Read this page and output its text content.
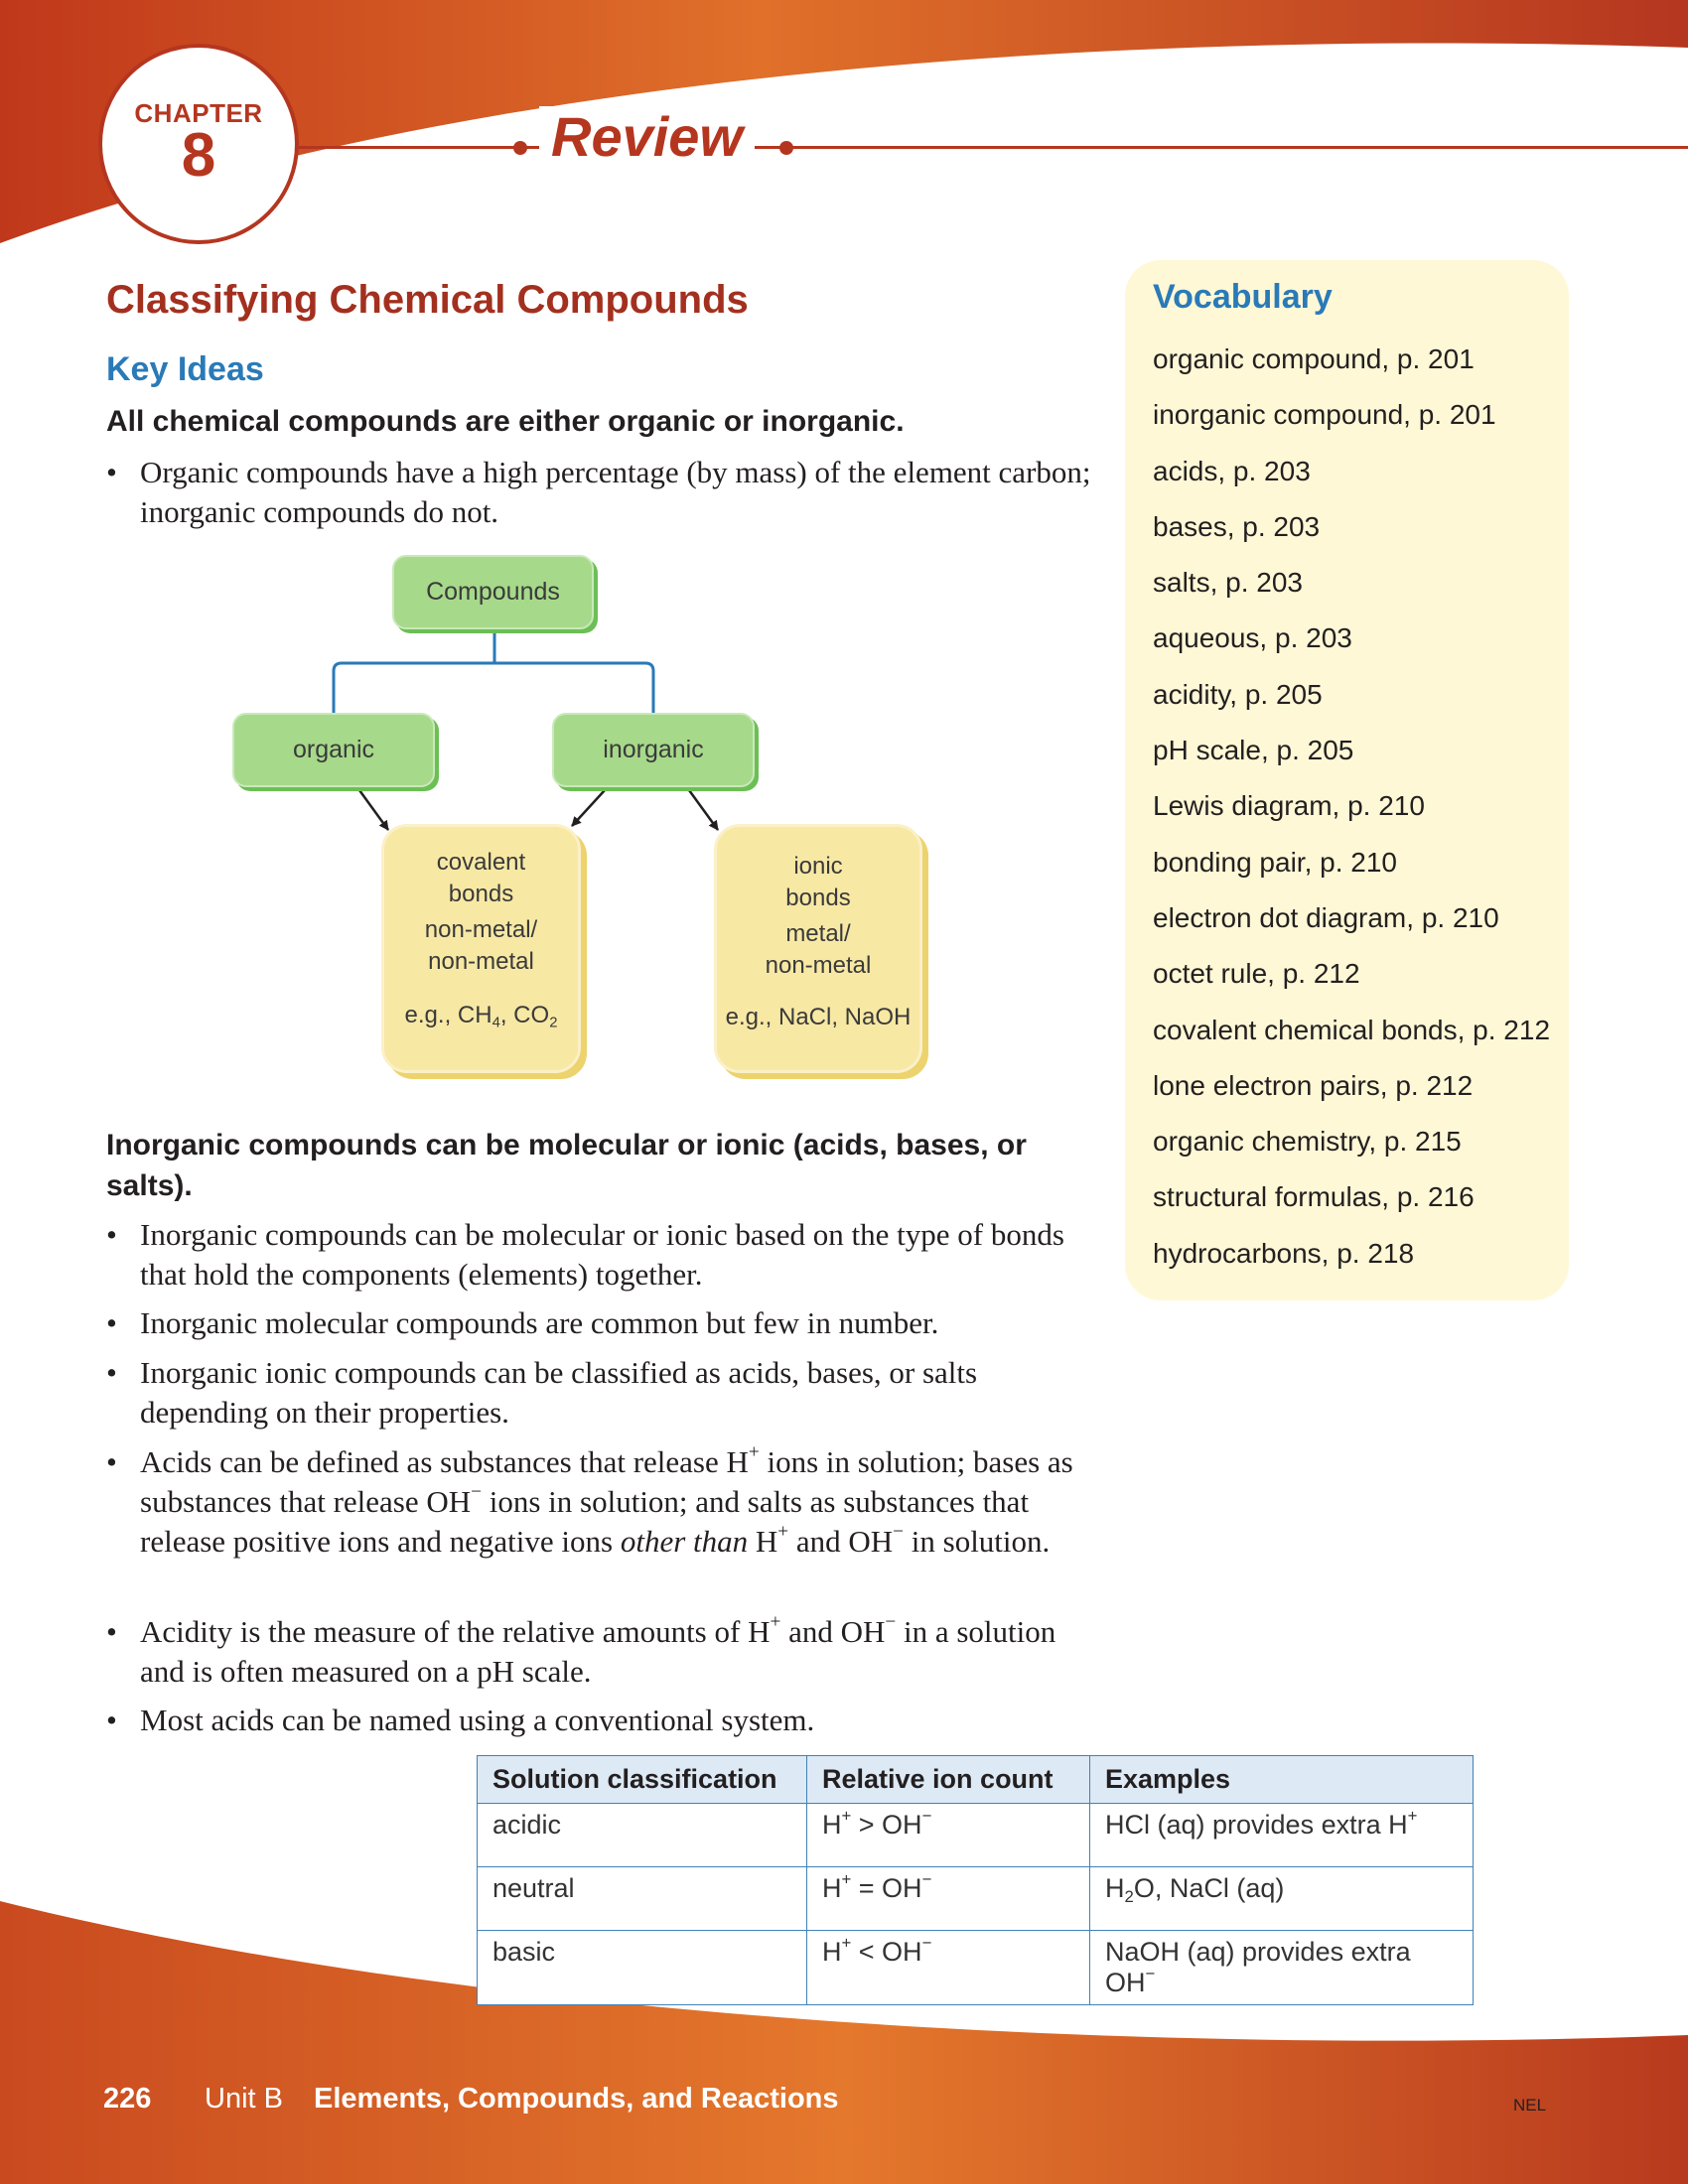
CHAPTER
8	Review
Classifying Chemical Compounds
Key Ideas
All chemical compounds are either organic or inorganic.
• Organic compounds have a high percentage (by mass) of the element carbon; inorganic compounds do not.
Compounds
organic	inorganic
covalent
bonds
non-metal/
non-metal
e.g., $CH_4$, $CO_2$
ionic
bonds
metal/
non-metal
e.g., NaCl, NaOH
Inorganic compounds can be molecular or ionic (acids, bases, or salts).
• Inorganic compounds can be molecular or ionic based on the type of bonds that hold the components (elements) together.
• Inorganic molecular compounds are common but few in number.
• Inorganic ionic compounds can be classified as acids, bases, or salts depending on their properties.
• Acids can be defined as substances that release H+ ions in solution; bases as substances that release OH− ions in solution; and salts as substances that release positive ions and negative ions other than H+ and OH− in solution.
• Acidity is the measure of the relative amounts of H+ and OH− in a solution and is often measured on a pH scale.
• Most acids can be named using a conventional system.
Solution classification	Relative ion count	Examples
acidic	H+ > OH−	HCl (aq) provides extra H+
neutral	H+ = OH−	$H_2O$, NaCl (aq)
basic	H+ < OH−	NaOH (aq) provides extra OH−
Vocabulary
organic compound, p. 201
inorganic compound, p. 201
acids, p. 203
bases, p. 203
salts, p. 203
aqueous, p. 203
acidity, p. 205
pH scale, p. 205
Lewis diagram, p. 210
bonding pair, p. 210
electron dot diagram, p. 210
octet rule, p. 212
covalent chemical bonds, p. 212
lone electron pairs, p. 212
organic chemistry, p. 215
structural formulas, p. 216
hydrocarbons, p. 218
226 Unit B Elements, Compounds, and Reactions	NEL
